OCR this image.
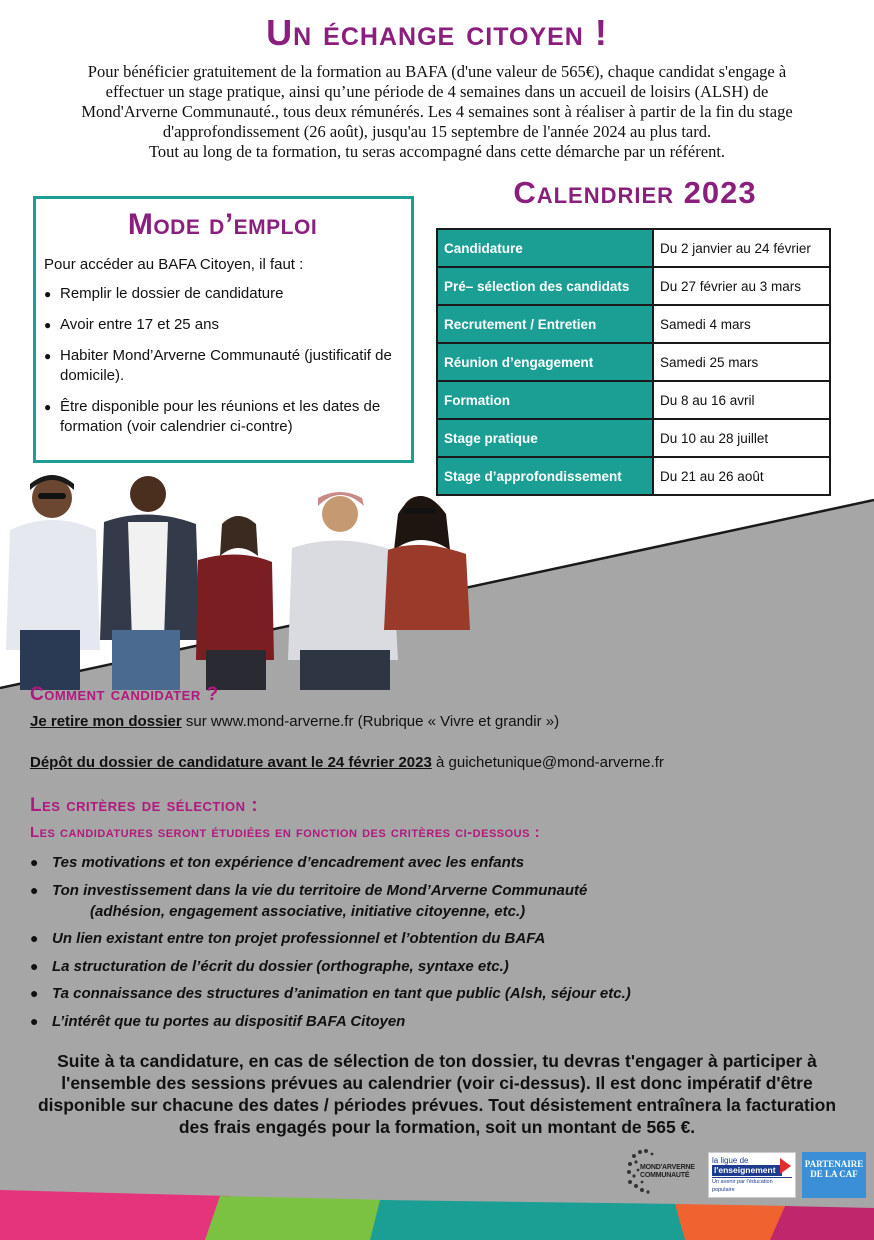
Un échange citoyen !
Pour bénéficier gratuitement de la formation au BAFA (d'une valeur de 565€), chaque candidat s'engage à
effectuer un stage pratique, ainsi qu’une période de 4 semaines dans un accueil de loisirs (ALSH) de
Mond'Arverne Communauté., tous deux rémunérés. Les 4 semaines sont à réaliser à partir de la fin du stage
d'approfondissement (26 août), jusqu'au 15 septembre de l'année 2024 au plus tard.
Tout au long de ta formation, tu seras accompagné dans cette démarche par un référent.
Mode d’emploi
Pour accéder au BAFA Citoyen, il faut :
● Remplir le dossier de candidature
● Avoir entre 17 et 25 ans
● Habiter Mond’Arverne Communauté (justificatif de domicile).
● Être disponible pour les réunions et les dates de formation (voir calendrier ci-contre)
Calendrier 2023
Candidature	Du 2 janvier au 24 février
Pré– sélection des candidats	Du 27 février au 3 mars
Recrutement / Entretien	Samedi 4 mars
Réunion d’engagement	Samedi 25 mars
Formation	Du 8 au 16 avril
Stage pratique	Du 10 au 28 juillet
Stage d’approfondissement	Du 21 au 26 août
Comment candidater ?
Je retire mon dossier sur www.mond-arverne.fr (Rubrique « Vivre et grandir »)
Dépôt du dossier de candidature avant le 24 février 2023 à guichetunique@mond-arverne.fr
Les critères de sélection :
Les candidatures seront étudiées en fonction des critères ci-dessous :
● Tes motivations et ton expérience d’encadrement avec les enfants
● Ton investissement dans la vie du territoire de Mond’Arverne Communauté
(adhésion, engagement associative, initiative citoyenne, etc.)
● Un lien existant entre ton projet professionnel et l’obtention du BAFA
● La structuration de l’écrit du dossier (orthographe, syntaxe etc.)
● Ta connaissance des structures d’animation en tant que public (Alsh, séjour etc.)
● L’intérêt que tu portes au dispositif BAFA Citoyen
Suite à ta candidature, en cas de sélection de ton dossier, tu devras t'engager à participer à l'ensemble des sessions prévues au calendrier (voir ci-dessus). Il est donc impératif d'être disponible sur chacune des dates / périodes prévues. Tout désistement entraînera la facturation des frais engagés pour la formation, soit un montant de 565 €.
MOND'ARVERNE COMMUNAUTÉ
la ligue de
l'enseignement
Un avenir par l'éducation populaire
PARTENAIRE DE LA CAF
